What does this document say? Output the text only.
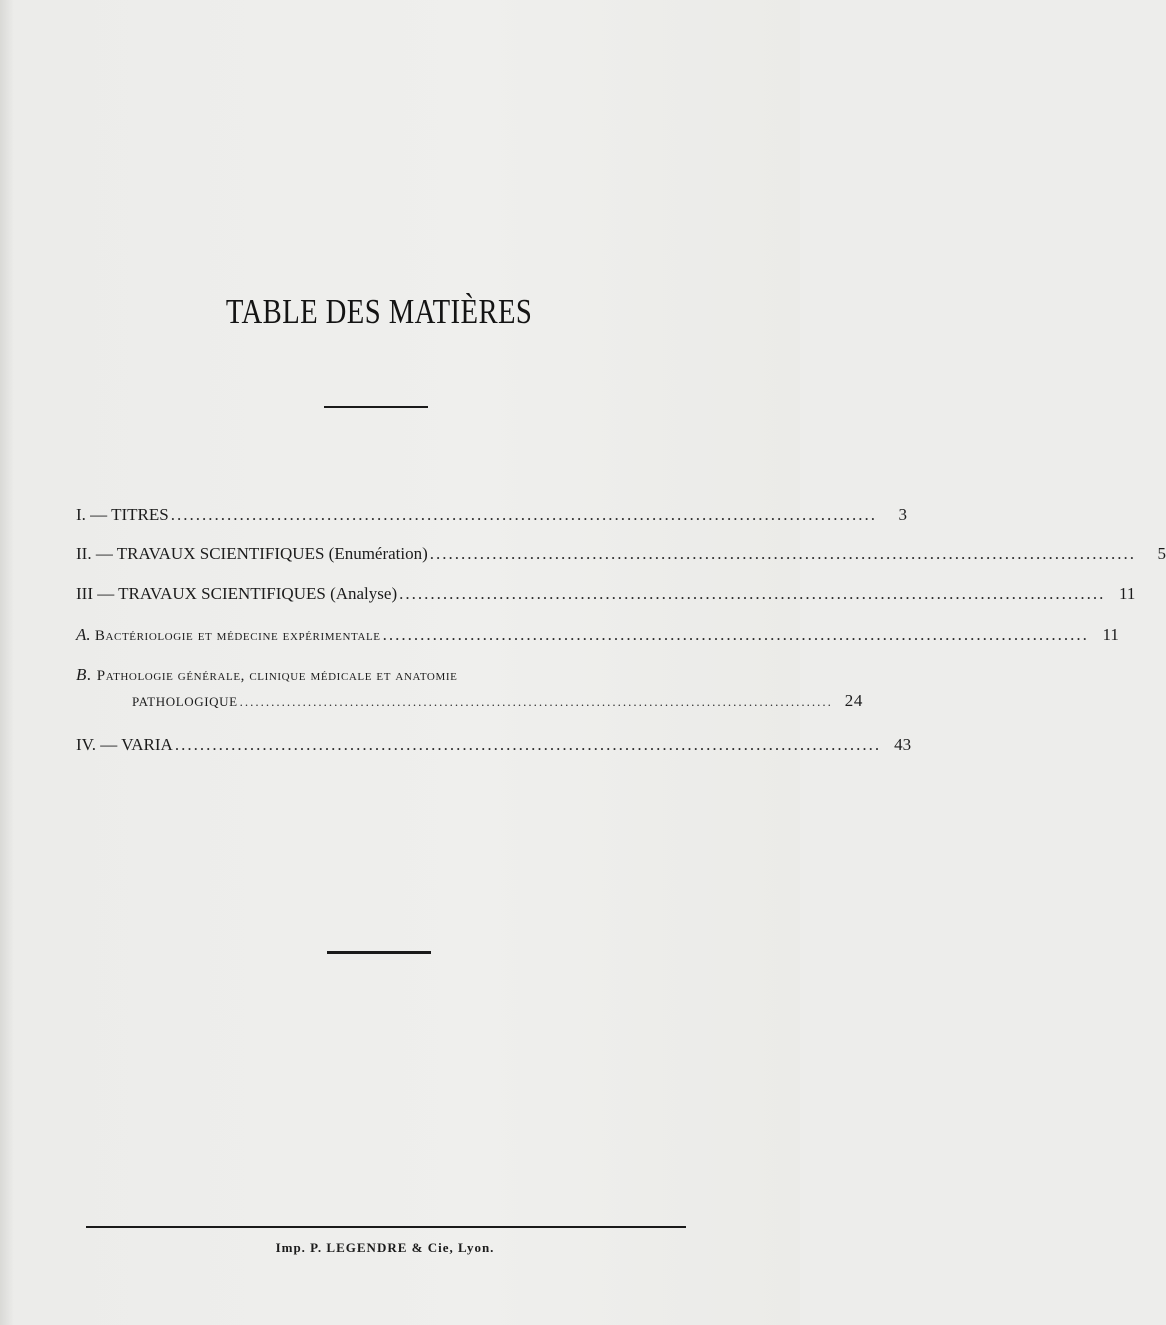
TABLE DES MATIÈRES
I. — TITRES .................................................................................................................	3
II. — TRAVAUX SCIENTIFIQUES (Enumération) .................................................................................................................	5
III — TRAVAUX SCIENTIFIQUES (Analyse) ................................................................................................................. 11
A. Bactériologie et médecine expérimentale ................................................................................................................. 11
B. Pathologie générale, clinique médicale et anatomie
PATHOLOGIQUE ................................................................................................................. 24
IV. — VARIA ................................................................................................................. 43
Imp. P. LEGENDRE & Cie, Lyon.
